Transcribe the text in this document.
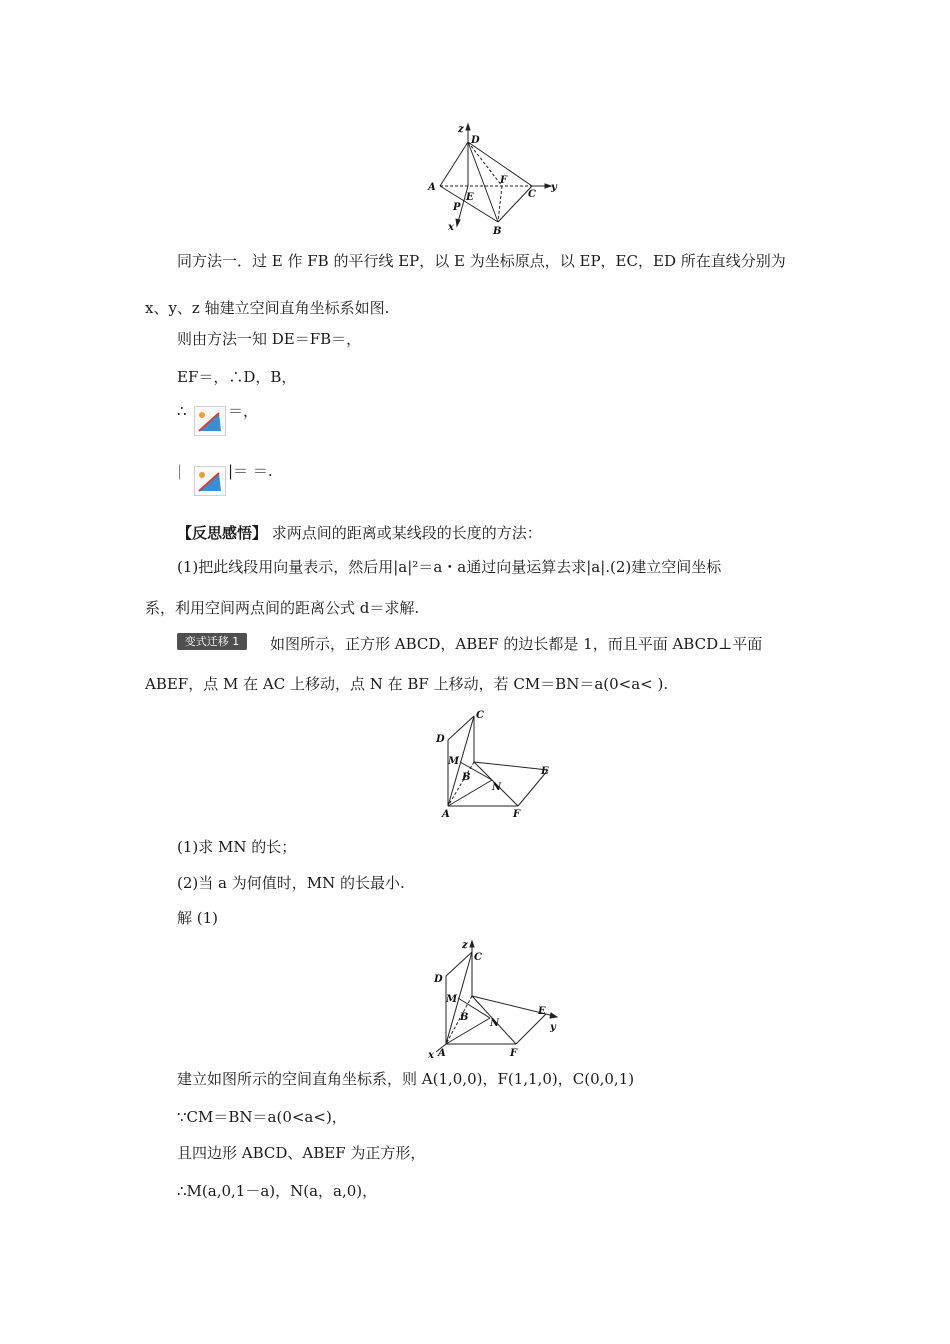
z
D
A
E
F
C
y
P
x	B
同方法一．过 E 作 FB 的平行线 EP，以 E 为坐标原点，以 EP，EC，ED 所在直线分别为
x、y、z 轴建立空间直角坐标系如图.
则由方法一知 DE＝FB＝，
EF＝，∴D，B，
∴	＝，
|	|＝ ＝.
【反思感悟】 求两点间的距离或某线段的长度的方法：
(1)把此线段用向量表示，然后用|a|²＝a・a通过向量运算去求|a|.(2)建立空间坐标
系，利用空间两点间的距离公式 d＝求解.
变式迁移 1	如图所示，正方形 ABCD，ABEF 的边长都是 1，而且平面 ABCD⊥平面
ABEF，点 M 在 AC 上移动，点 N 在 BF 上移动，若 CM＝BN＝a(0<a< ).
C
D
M
B
E
N
A	F
(1)求 MN 的长；
(2)当 a 为何值时，MN 的长最小.
解 (1)
z
C
D
M
B
N
E
y
x A	F
建立如图所示的空间直角坐标系，则 A(1,0,0)，F(1,1,0)，C(0,0,1)
∵CM＝BN＝a(0<a<)，
且四边形 ABCD、ABEF 为正方形，
∴M(a,0,1－a)，N(a，a,0)，
